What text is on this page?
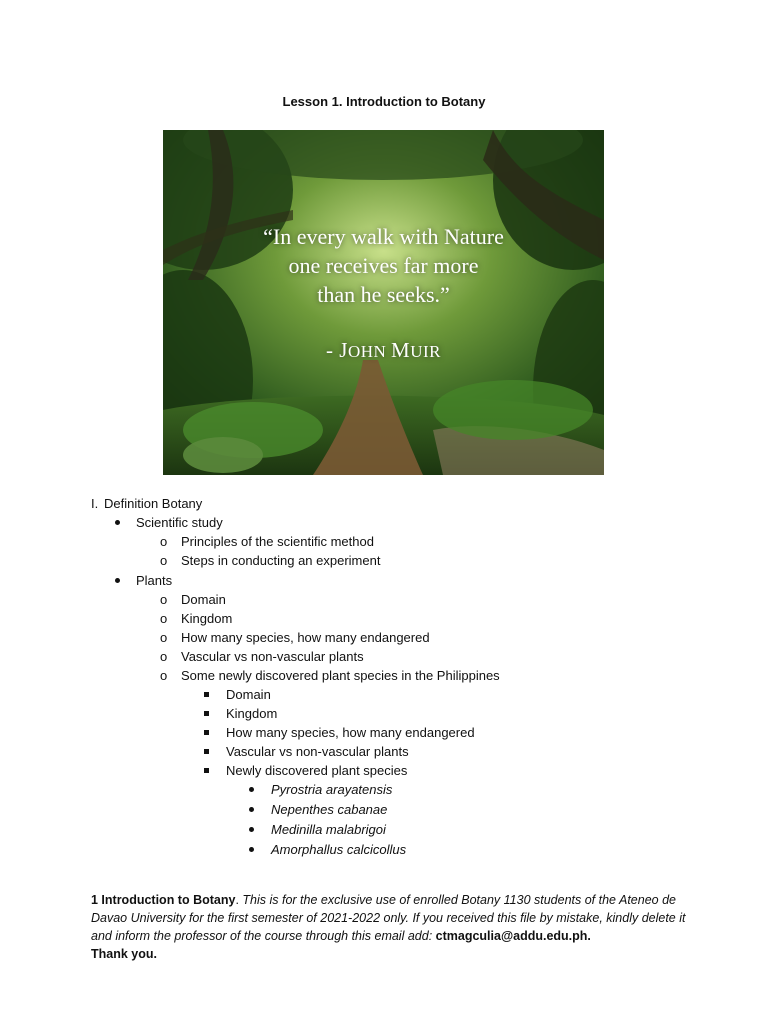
Lesson 1. Introduction to Botany
“In every walk with Nature
one receives far more
than he seeks.”
- JOHN MUIR
I. Definition Botany
Scientific study
o Principles of the scientific method
o Steps in conducting an experiment
Plants
o Domain
o Kingdom
o How many species, how many endangered
o Vascular vs non-vascular plants
o Some newly discovered plant species in the Philippines
Domain
Kingdom
How many species, how many endangered
Vascular vs non-vascular plants
Newly discovered plant species
Pyrostria arayatensis
Nepenthes cabanae
Medinilla malabrigoi
Amorphallus calcicollus
1 Introduction to Botany. This is for the exclusive use of enrolled Botany 1130 students of the Ateneo de Davao University for the first semester of 2021-2022 only. If you received this file by mistake, kindly delete it and inform the professor of the course through this email add: ctmagculia@addu.edu.ph.
Thank you.
